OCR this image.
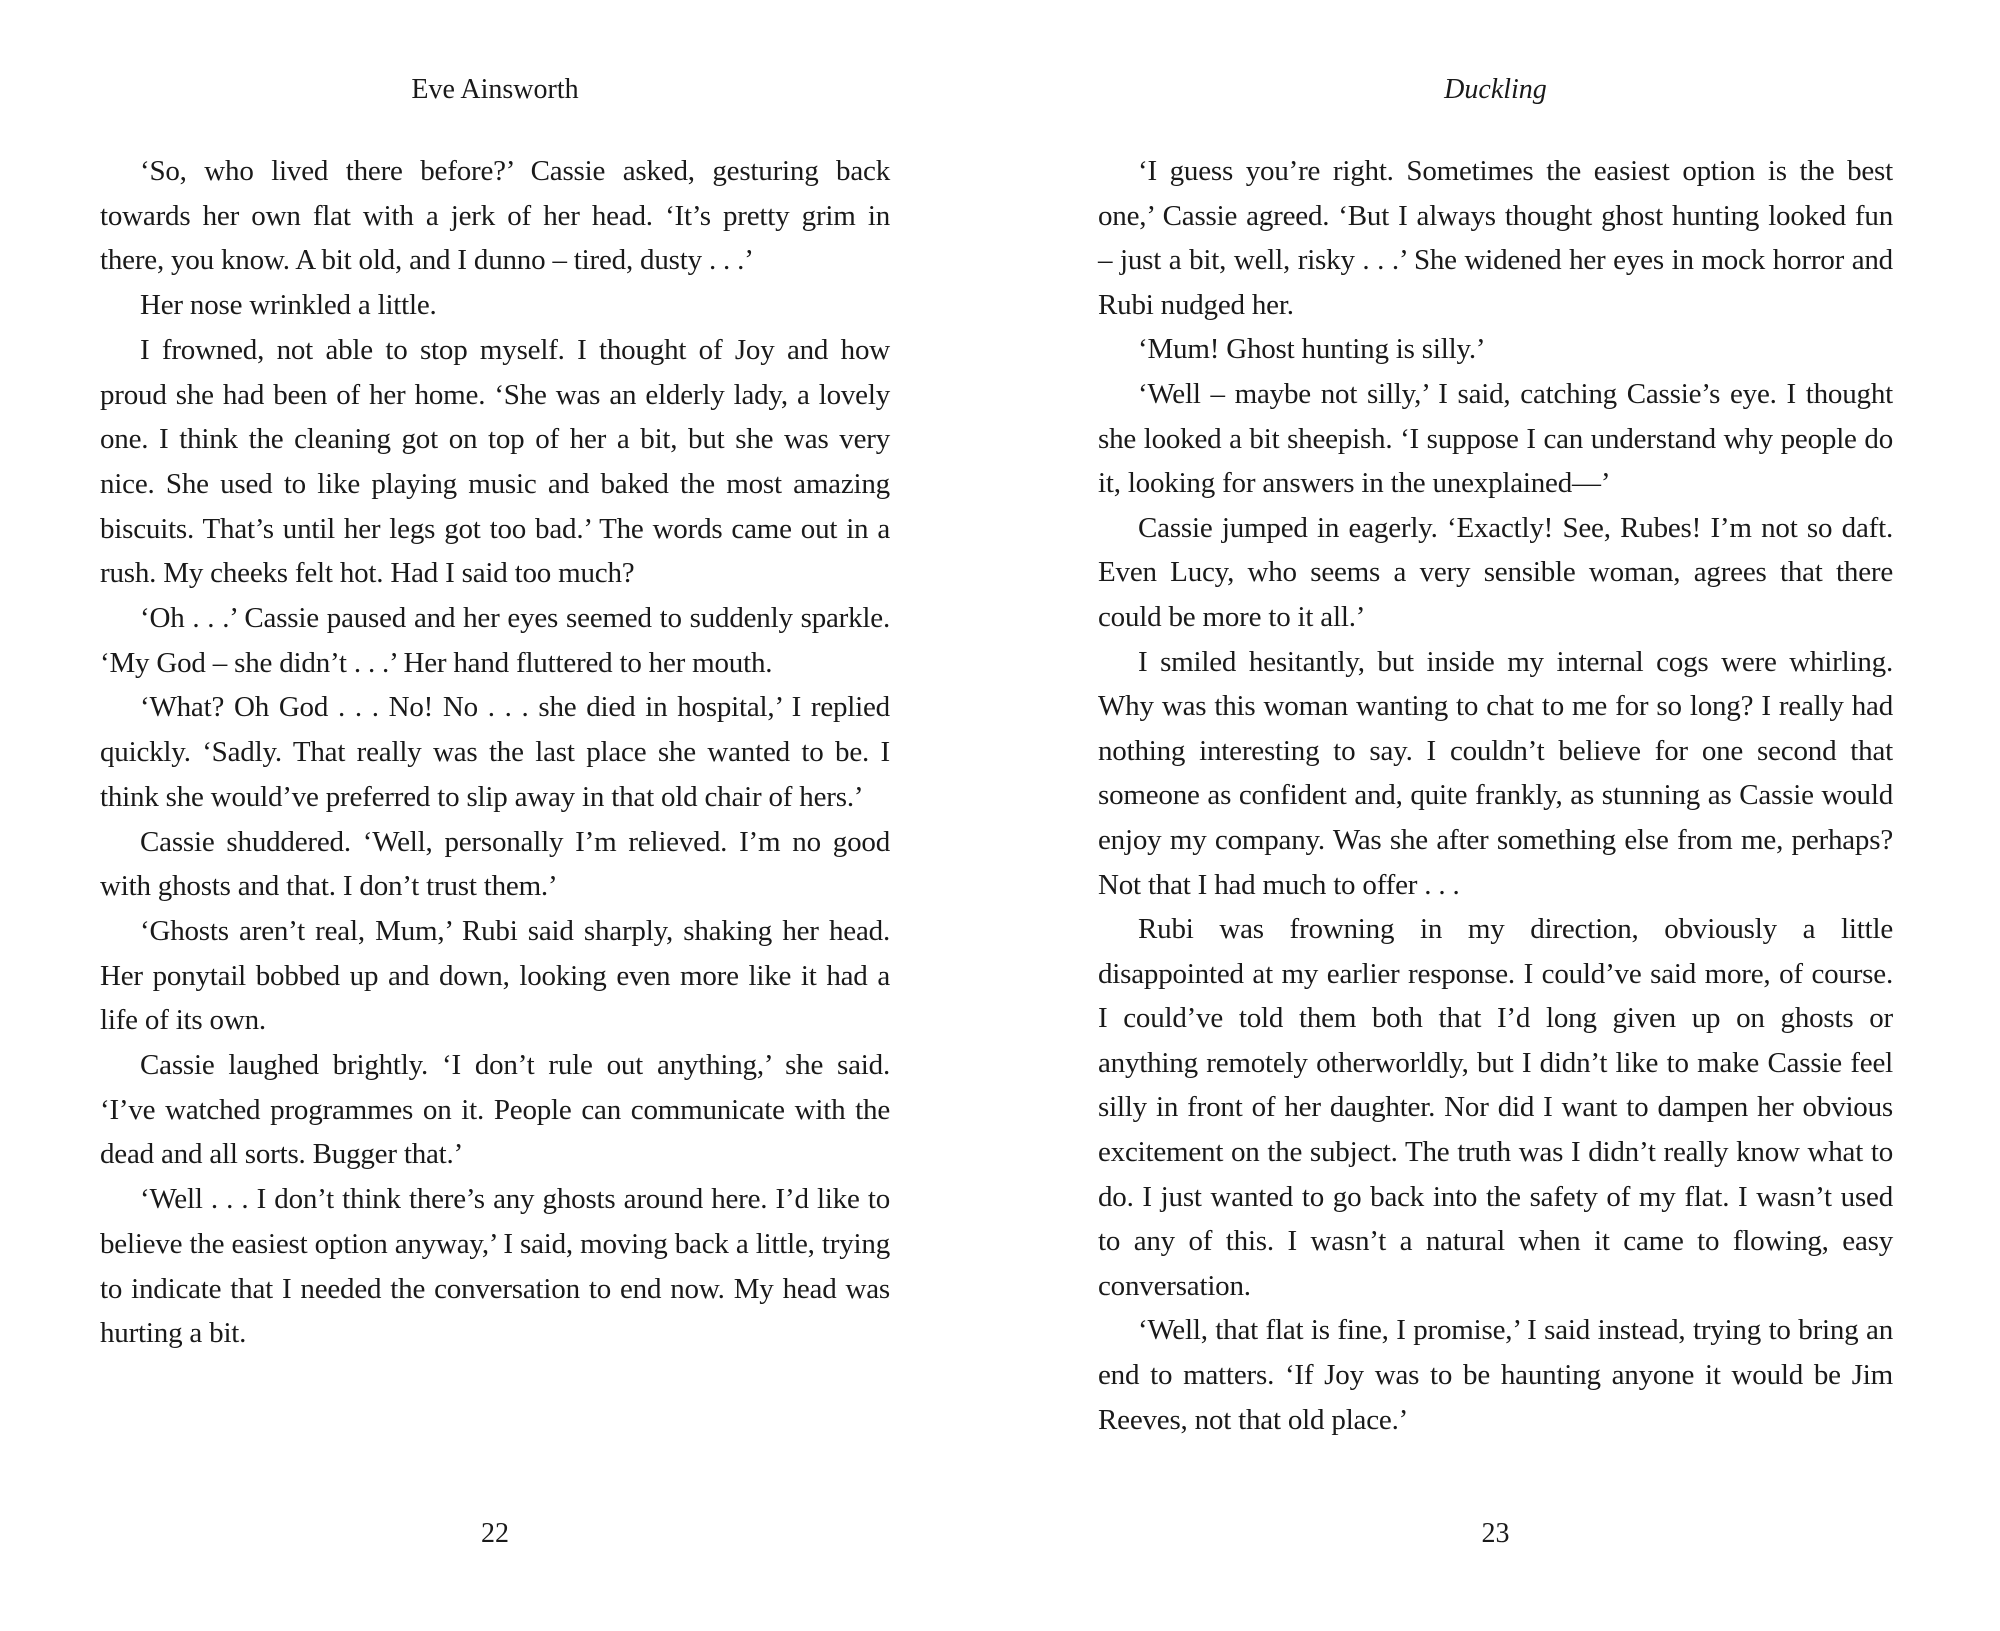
Eve Ainsworth

‘So, who lived there before?’ Cassie asked, gesturing back towards her own flat with a jerk of her head. ‘It’s pretty grim in there, you know. A bit old, and I dunno – tired, dusty . . .’

Her nose wrinkled a little.

I frowned, not able to stop myself. I thought of Joy and how proud she had been of her home. ‘She was an elderly lady, a lovely one. I think the cleaning got on top of her a bit, but she was very nice. She used to like playing music and baked the most amazing biscuits. That’s until her legs got too bad.’ The words came out in a rush. My cheeks felt hot. Had I said too much?

‘Oh . . .’ Cassie paused and her eyes seemed to suddenly sparkle. ‘My God – she didn’t . . .’ Her hand fluttered to her mouth.

‘What? Oh God . . . No! No . . . she died in hospital,’ I replied quickly. ‘Sadly. That really was the last place she wanted to be. I think she would’ve preferred to slip away in that old chair of hers.’

Cassie shuddered. ‘Well, personally I’m relieved. I’m no good with ghosts and that. I don’t trust them.’

‘Ghosts aren’t real, Mum,’ Rubi said sharply, shaking her head. Her ponytail bobbed up and down, looking even more like it had a life of its own.

Cassie laughed brightly. ‘I don’t rule out anything,’ she said. ‘I’ve watched programmes on it. People can communicate with the dead and all sorts. Bugger that.’

‘Well . . . I don’t think there’s any ghosts around here. I’d like to believe the easiest option anyway,’ I said, moving back a little, trying to indicate that I needed the conversation to end now. My head was hurting a bit.

22
Duckling

‘I guess you’re right. Sometimes the easiest option is the best one,’ Cassie agreed. ‘But I always thought ghost hunting looked fun – just a bit, well, risky . . .’ She widened her eyes in mock horror and Rubi nudged her.

‘Mum! Ghost hunting is silly.’

‘Well – maybe not silly,’ I said, catching Cassie’s eye. I thought she looked a bit sheepish. ‘I suppose I can understand why people do it, looking for answers in the unexplained—’

Cassie jumped in eagerly. ‘Exactly! See, Rubes! I’m not so daft. Even Lucy, who seems a very sensible woman, agrees that there could be more to it all.’

I smiled hesitantly, but inside my internal cogs were whirling. Why was this woman wanting to chat to me for so long? I really had nothing interesting to say. I couldn’t believe for one second that someone as confident and, quite frankly, as stunning as Cassie would enjoy my company. Was she after something else from me, perhaps? Not that I had much to offer . . .

Rubi was frowning in my direction, obviously a little disappointed at my earlier response. I could’ve said more, of course. I could’ve told them both that I’d long given up on ghosts or anything remotely otherworldly, but I didn’t like to make Cassie feel silly in front of her daughter. Nor did I want to dampen her obvious excitement on the subject. The truth was I didn’t really know what to do. I just wanted to go back into the safety of my flat. I wasn’t used to any of this. I wasn’t a natural when it came to flowing, easy conversation.

‘Well, that flat is fine, I promise,’ I said instead, trying to bring an end to matters. ‘If Joy was to be haunting anyone it would be Jim Reeves, not that old place.’

23
